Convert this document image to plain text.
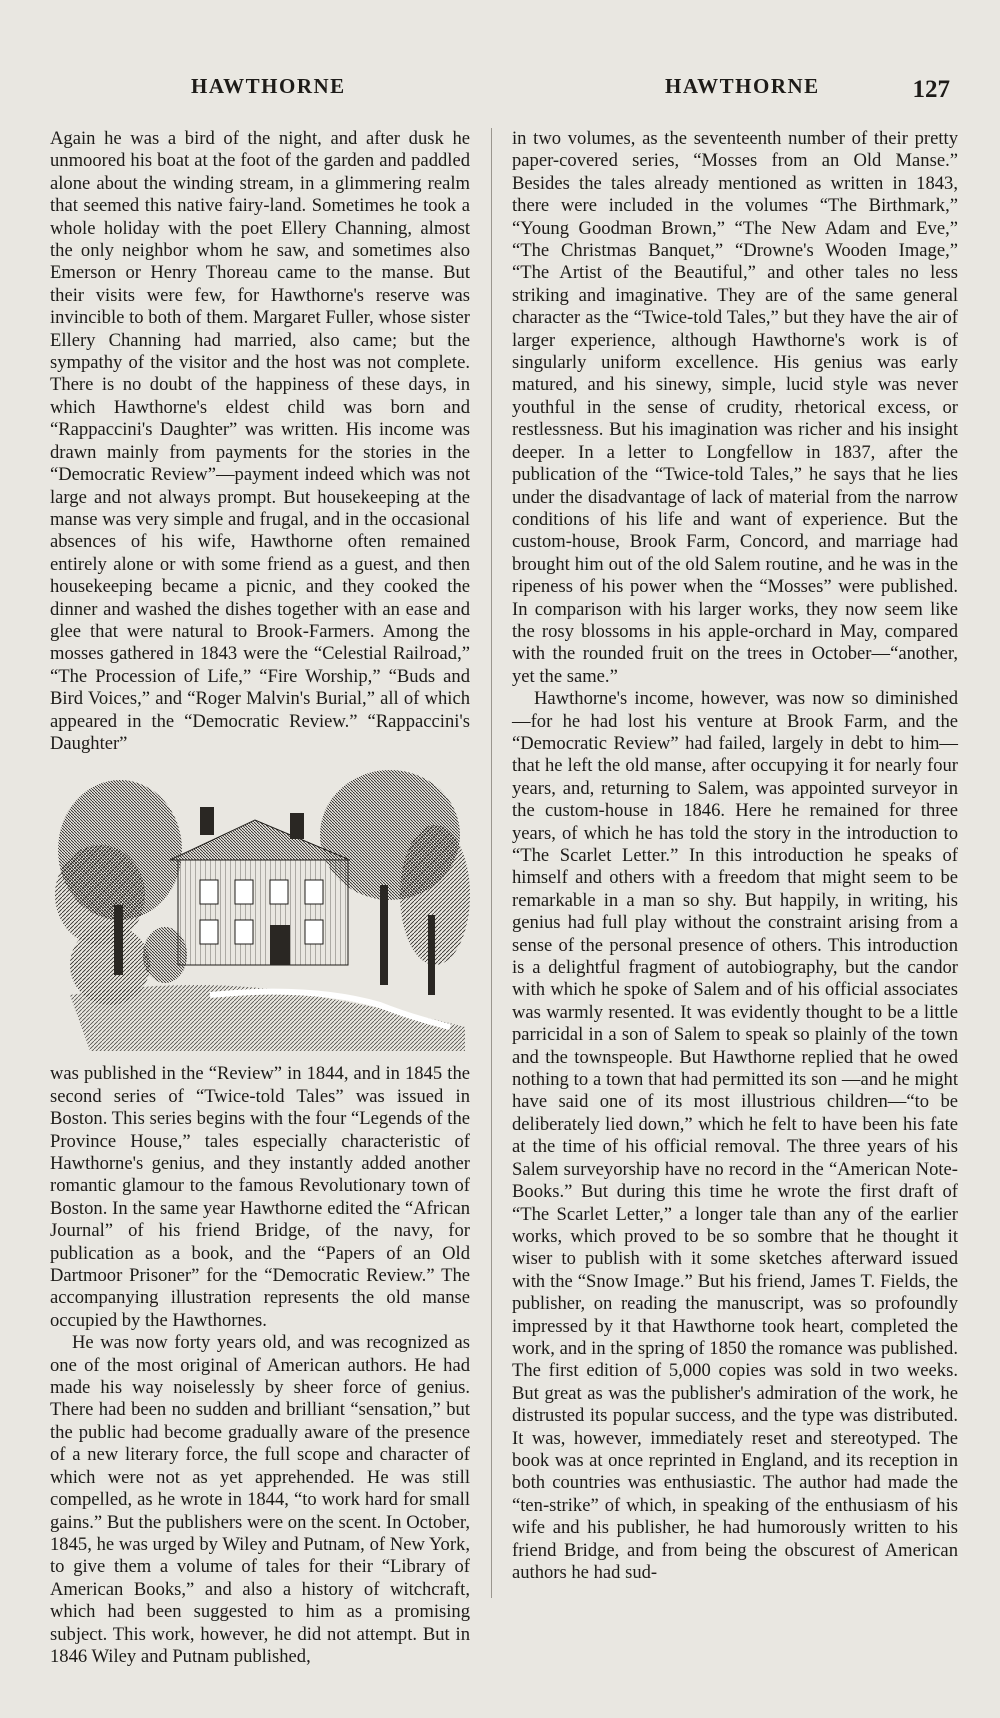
HAWTHORNE	HAWTHORNE	127

Again he was a bird of the night, and after dusk he unmoored his boat at the foot of the garden and paddled alone about the winding stream, in a glimmering realm that seemed this native fairy-land. Sometimes he took a whole holiday with the poet Ellery Channing, almost the only neighbor whom he saw, and sometimes also Emerson or Henry Thoreau came to the manse. But their visits were few, for Hawthorne's reserve was invincible to both of them. Margaret Fuller, whose sister Ellery Channing had married, also came; but the sympathy of the visitor and the host was not complete. There is no doubt of the happiness of these days, in which Hawthorne's eldest child was born and “Rappaccini's Daughter” was written. His income was drawn mainly from payments for the stories in the “Democratic Review”—payment indeed which was not large and not always prompt. But housekeeping at the manse was very simple and frugal, and in the occasional absences of his wife, Hawthorne often remained entirely alone or with some friend as a guest, and then housekeeping became a picnic, and they cooked the dinner and washed the dishes together with an ease and glee that were natural to Brook-Farmers. Among the mosses gathered in 1843 were the “Celestial Railroad,” “The Procession of Life,” “Fire Worship,” “Buds and Bird Voices,” and “Roger Malvin's Burial,” all of which appeared in the “Democratic Review.” “Rappaccini's Daughter”

was published in the “Review” in 1844, and in 1845 the second series of “Twice-told Tales” was issued in Boston. This series begins with the four “Legends of the Province House,” tales especially characteristic of Hawthorne's genius, and they instantly added another romantic glamour to the famous Revolutionary town of Boston. In the same year Hawthorne edited the “African Journal” of his friend Bridge, of the navy, for publication as a book, and the “Papers of an Old Dartmoor Prisoner” for the “Democratic Review.” The accompanying illustration represents the old manse occupied by the Hawthornes.

He was now forty years old, and was recognized as one of the most original of American authors. He had made his way noiselessly by sheer force of genius. There had been no sudden and brilliant “sensation,” but the public had become gradually aware of the presence of a new literary force, the full scope and character of which were not as yet apprehended. He was still compelled, as he wrote in 1844, “to work hard for small gains.” But the publishers were on the scent. In October, 1845, he was urged by Wiley and Putnam, of New York, to give them a volume of tales for their “Library of American Books,” and also a history of witchcraft, which had been suggested to him as a promising subject. This work, however, he did not attempt. But in 1846 Wiley and Putnam published,

in two volumes, as the seventeenth number of their pretty paper-covered series, “Mosses from an Old Manse.” Besides the tales already mentioned as written in 1843, there were included in the volumes “The Birthmark,” “Young Goodman Brown,” “The New Adam and Eve,” “The Christmas Banquet,” “Drowne's Wooden Image,” “The Artist of the Beautiful,” and other tales no less striking and imaginative. They are of the same general character as the “Twice-told Tales,” but they have the air of larger experience, although Hawthorne's work is of singularly uniform excellence. His genius was early matured, and his sinewy, simple, lucid style was never youthful in the sense of crudity, rhetorical excess, or restlessness. But his imagination was richer and his insight deeper. In a letter to Longfellow in 1837, after the publication of the “Twice-told Tales,” he says that he lies under the disadvantage of lack of material from the narrow conditions of his life and want of experience. But the custom-house, Brook Farm, Concord, and marriage had brought him out of the old Salem routine, and he was in the ripeness of his power when the “Mosses” were published. In comparison with his larger works, they now seem like the rosy blossoms in his apple-orchard in May, compared with the rounded fruit on the trees in October—“another, yet the same.”

Hawthorne's income, however, was now so diminished—for he had lost his venture at Brook Farm, and the “Democratic Review” had failed, largely in debt to him—that he left the old manse, after occupying it for nearly four years, and, returning to Salem, was appointed surveyor in the custom-house in 1846. Here he remained for three years, of which he has told the story in the introduction to “The Scarlet Letter.” In this introduction he speaks of himself and others with a freedom that might seem to be remarkable in a man so shy. But happily, in writing, his genius had full play without the constraint arising from a sense of the personal presence of others. This introduction is a delightful fragment of autobiography, but the candor with which he spoke of Salem and of his official associates was warmly resented. It was evidently thought to be a little parricidal in a son of Salem to speak so plainly of the town and the townspeople. But Hawthorne replied that he owed nothing to a town that had permitted its son —and he might have said one of its most illustrious children—“to be deliberately lied down,” which he felt to have been his fate at the time of his official removal. The three years of his Salem surveyorship have no record in the “American Note-Books.” But during this time he wrote the first draft of “The Scarlet Letter,” a longer tale than any of the earlier works, which proved to be so sombre that he thought it wiser to publish with it some sketches afterward issued with the “Snow Image.” But his friend, James T. Fields, the publisher, on reading the manuscript, was so profoundly impressed by it that Hawthorne took heart, completed the work, and in the spring of 1850 the romance was published. The first edition of 5,000 copies was sold in two weeks. But great as was the publisher's admiration of the work, he distrusted its popular success, and the type was distributed. It was, however, immediately reset and stereotyped. The book was at once reprinted in England, and its reception in both countries was enthusiastic. The author had made the “ten-strike” of which, in speaking of the enthusiasm of his wife and his publisher, he had humorously written to his friend Bridge, and from being the obscurest of American authors he had sud-
